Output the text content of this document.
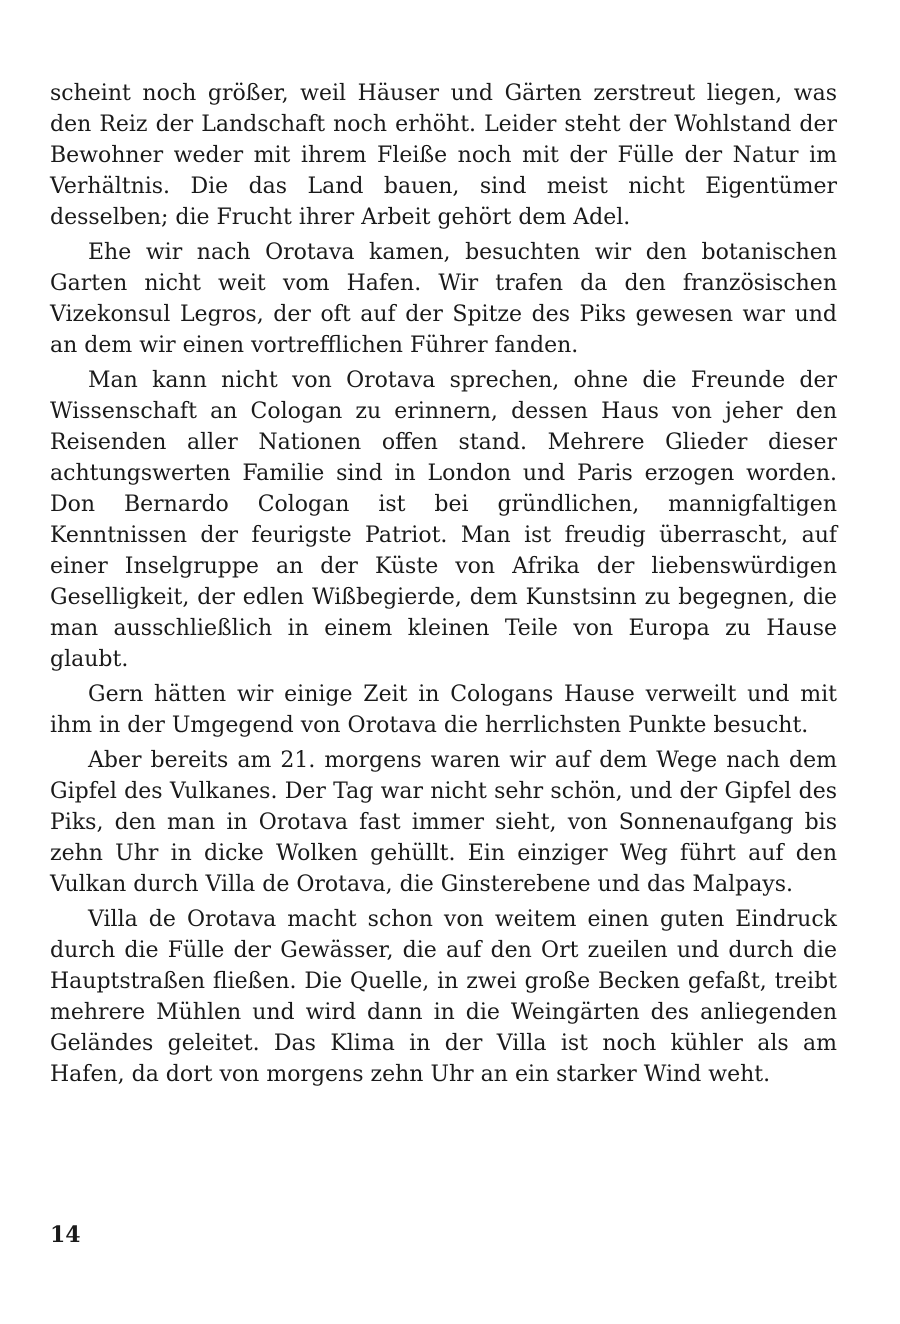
scheint noch größer, weil Häuser und Gärten zerstreut liegen, was den Reiz der Landschaft noch erhöht. Leider steht der Wohlstand der Bewohner weder mit ihrem Fleiße noch mit der Fülle der Natur im Verhältnis. Die das Land bauen, sind meist nicht Eigentümer desselben; die Frucht ihrer Arbeit gehört dem Adel.

Ehe wir nach Orotava kamen, besuchten wir den botanischen Garten nicht weit vom Hafen. Wir trafen da den französischen Vizekonsul Legros, der oft auf der Spitze des Piks gewesen war und an dem wir einen vortrefflichen Führer fanden.

Man kann nicht von Orotava sprechen, ohne die Freunde der Wissenschaft an Cologan zu erinnern, dessen Haus von jeher den Reisenden aller Nationen offen stand. Mehrere Glieder dieser achtungswerten Familie sind in London und Paris erzogen worden. Don Bernardo Cologan ist bei gründlichen, mannigfaltigen Kenntnissen der feurigste Patriot. Man ist freudig überrascht, auf einer Inselgruppe an der Küste von Afrika der liebenswürdigen Geselligkeit, der edlen Wißbegierde, dem Kunstsinn zu begegnen, die man ausschließlich in einem kleinen Teile von Europa zu Hause glaubt.

Gern hätten wir einige Zeit in Cologans Hause verweilt und mit ihm in der Umgegend von Orotava die herrlichsten Punkte besucht.

Aber bereits am 21. morgens waren wir auf dem Wege nach dem Gipfel des Vulkanes. Der Tag war nicht sehr schön, und der Gipfel des Piks, den man in Orotava fast immer sieht, von Sonnenaufgang bis zehn Uhr in dicke Wolken gehüllt. Ein einziger Weg führt auf den Vulkan durch Villa de Orotava, die Ginsterebene und das Malpays.

Villa de Orotava macht schon von weitem einen guten Eindruck durch die Fülle der Gewässer, die auf den Ort zueilen und durch die Hauptstraßen fließen. Die Quelle, in zwei große Becken gefaßt, treibt mehrere Mühlen und wird dann in die Weingärten des anliegenden Geländes geleitet. Das Klima in der Villa ist noch kühler als am Hafen, da dort von morgens zehn Uhr an ein starker Wind weht.

14
